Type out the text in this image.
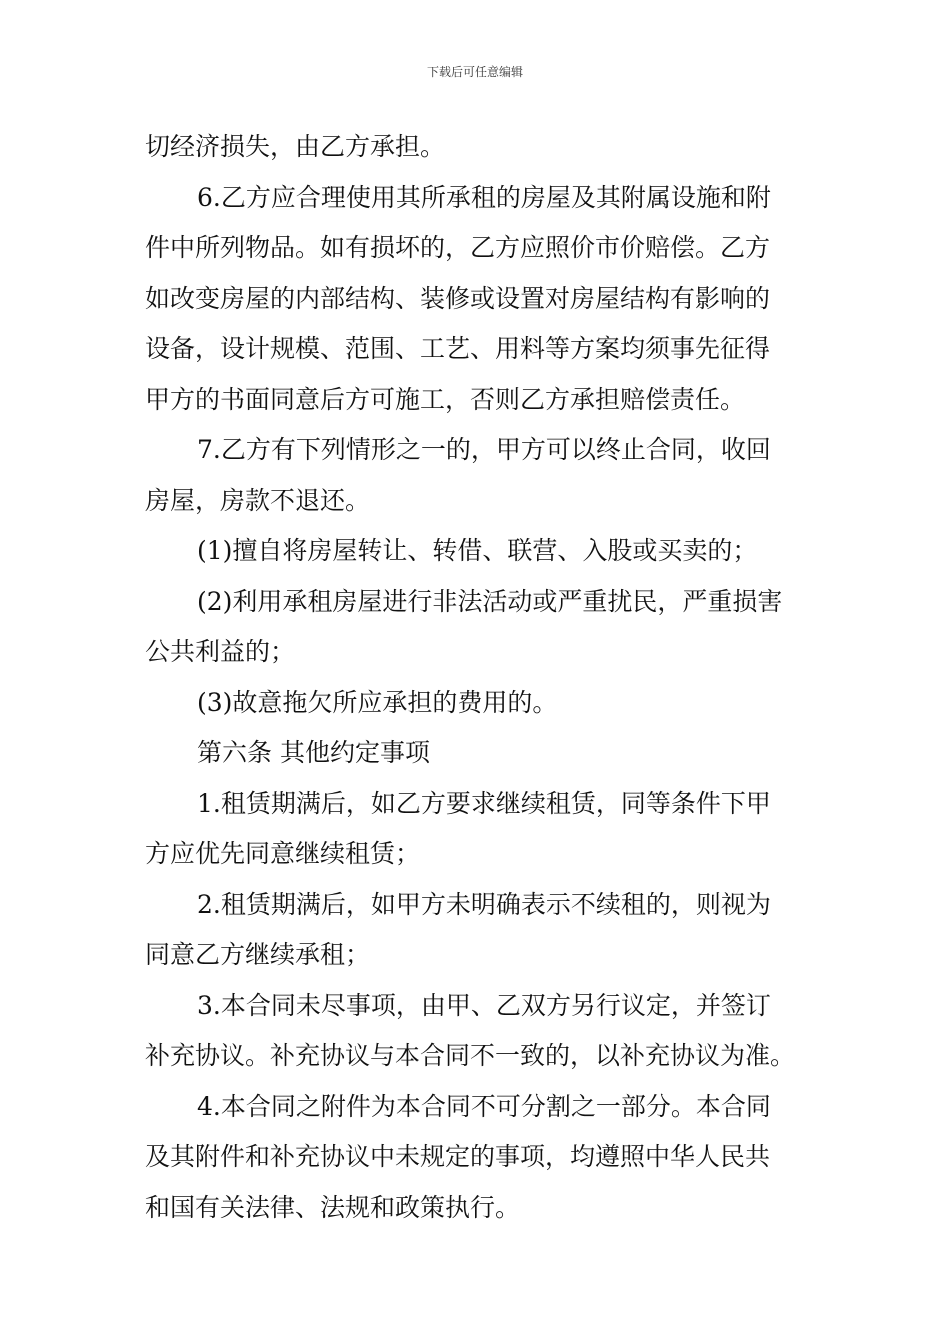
下载后可任意编辑
切经济损失，由乙方承担。
6.乙方应合理使用其所承租的房屋及其附属设施和附
件中所列物品。如有损坏的，乙方应照价市价赔偿。乙方
如改变房屋的内部结构、装修或设置对房屋结构有影响的
设备，设计规模、范围、工艺、用料等方案均须事先征得
甲方的书面同意后方可施工，否则乙方承担赔偿责任。
7.乙方有下列情形之一的，甲方可以终止合同，收回
房屋，房款不退还。
(1)擅自将房屋转让、转借、联营、入股或买卖的；
(2)利用承租房屋进行非法活动或严重扰民，严重损害
公共利益的；
(3)故意拖欠所应承担的费用的。
第六条 其他约定事项
1.租赁期满后，如乙方要求继续租赁，同等条件下甲
方应优先同意继续租赁；
2.租赁期满后，如甲方未明确表示不续租的，则视为
同意乙方继续承租；
3.本合同未尽事项，由甲、乙双方另行议定，并签订
补充协议。补充协议与本合同不一致的，以补充协议为准。
4.本合同之附件为本合同不可分割之一部分。本合同
及其附件和补充协议中未规定的事项，均遵照中华人民共
和国有关法律、法规和政策执行。
